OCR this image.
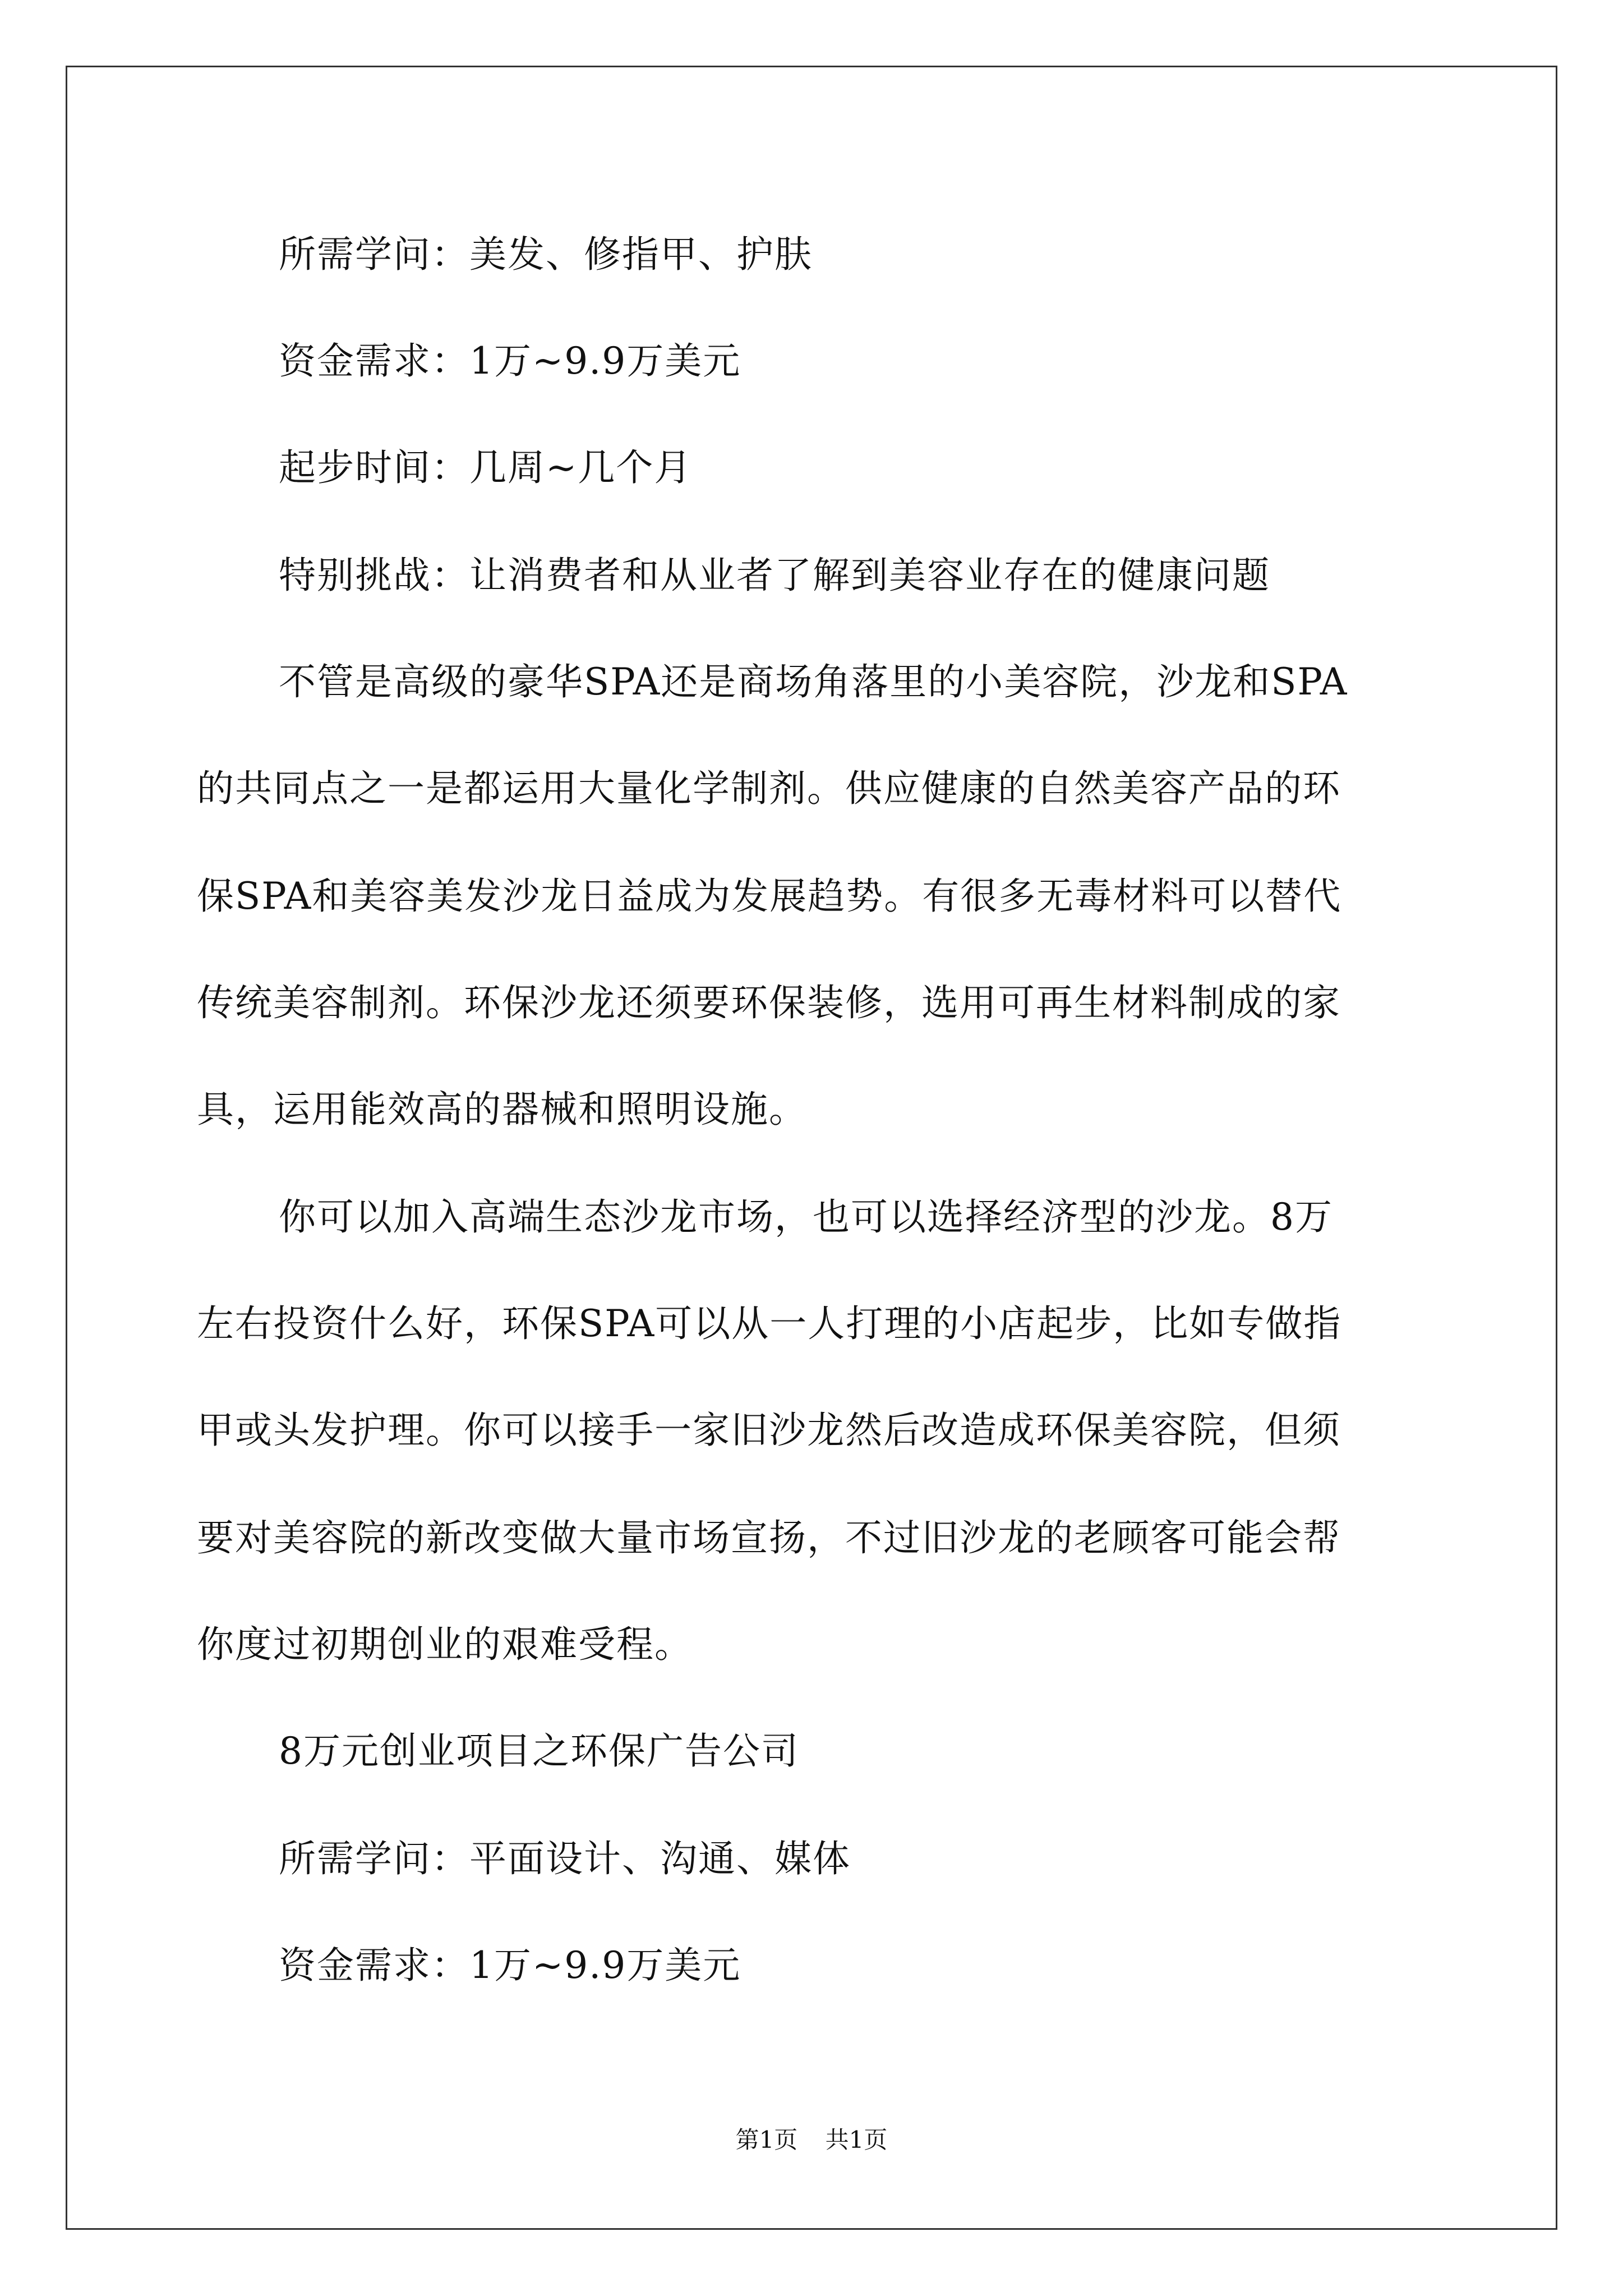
所需学问：美发、修指甲、护肤
资金需求：1万~9.9万美元
起步时间：几周~几个月
特别挑战：让消费者和从业者了解到美容业存在的健康问题
不管是高级的豪华SPA还是商场角落里的小美容院，沙龙和SPA
的共同点之一是都运用大量化学制剂。供应健康的自然美容产品的环
保SPA和美容美发沙龙日益成为发展趋势。有很多无毒材料可以替代
传统美容制剂。环保沙龙还须要环保装修，选用可再生材料制成的家
具，运用能效高的器械和照明设施。
你可以加入高端生态沙龙市场，也可以选择经济型的沙龙。8万
左右投资什么好，环保SPA可以从一人打理的小店起步，比如专做指
甲或头发护理。你可以接手一家旧沙龙然后改造成环保美容院，但须
要对美容院的新改变做大量市场宣扬，不过旧沙龙的老顾客可能会帮
你度过初期创业的艰难受程。
8万元创业项目之环保广告公司
所需学问：平面设计、沟通、媒体
资金需求：1万~9.9万美元
第1页 共1页
